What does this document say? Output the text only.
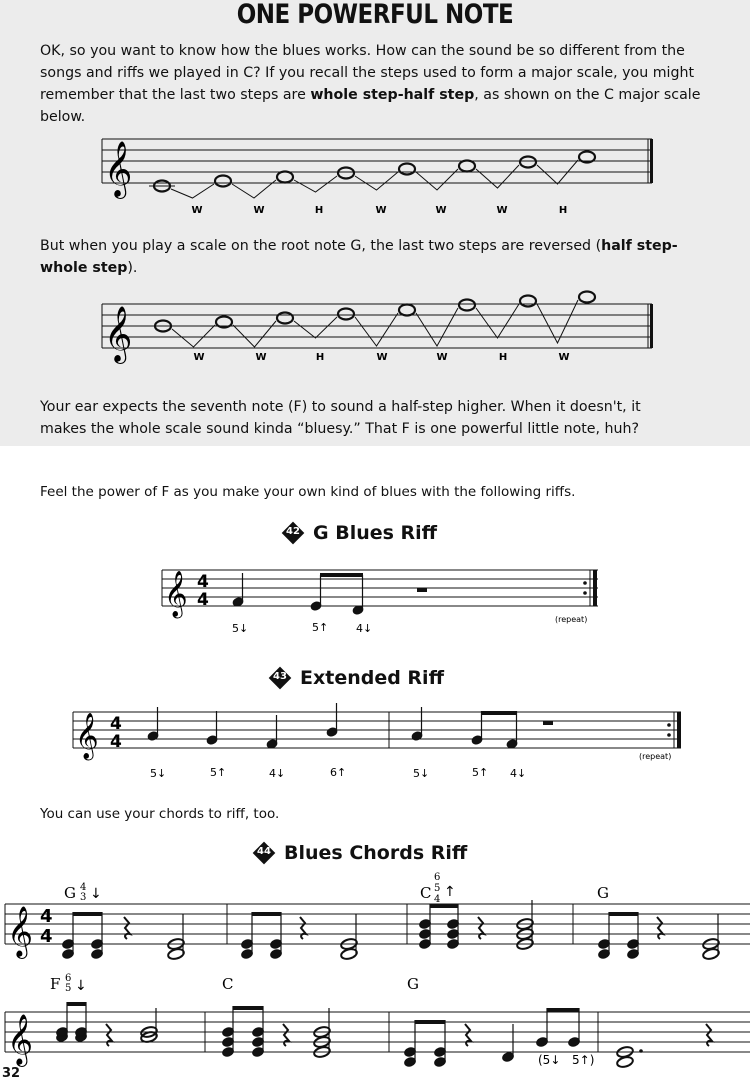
ONE POWERFUL NOTE
OK, so you want to know how the blues works. How can the sound be so different from the
songs and riffs we played in C? If you recall the steps used to form a major scale, you might
remember that the last two steps are whole step-half step, as shown on the C major scale
below.
𝄞
W	W	H	W	W	W	H
𝄞	W	W	H	W	W	H	W
But when you play a scale on the root note G, the last two steps are reversed (half step-
whole step).
Your ear expects the seventh note (F) to sound a half-step higher. When it doesn't, it
makes the whole scale sound kinda “bluesy.” That F is one powerful little note, huh?
Feel the power of F as you make your own kind of blues with the following riffs.
42 G Blues Riff
43 Extended Riff
You can use your chords to riff, too.
44 Blues Chords Riff
𝄞 4
4
5↓	5↑	4↓
(repeat)
𝄞 4
4
5↓	5↑	4↓	6↑	5↓	5↑ 4↓
(repeat)
𝄞 4
4
𝄞
G	C	G
F	C	G
4
3
6
5
4
6
5
↓	↑
↓
(5↓ 5↑)
32
